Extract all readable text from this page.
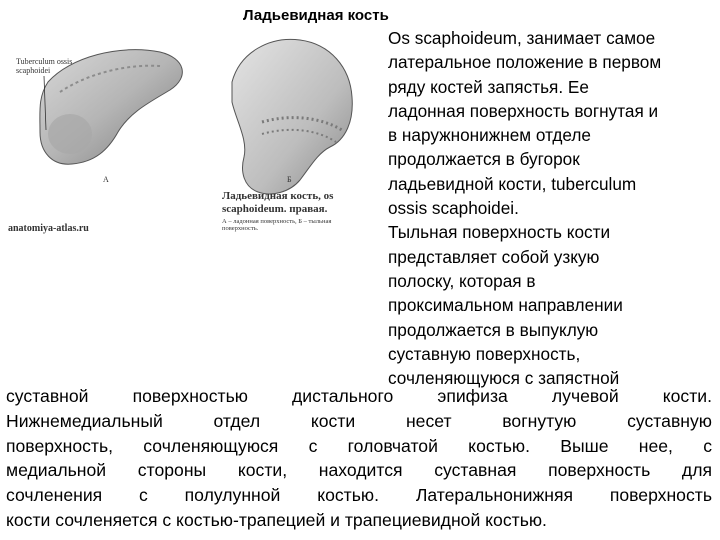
Ладьевидная кость
Tuberculum ossis
scaphoidei
А	Б
Ладьевидная кость, os
scaphoideum. правая.
А – ладонная поверхность, Б – тыльная
поверхность.
anatomiya-atlas.ru

Os scaphoideum, занимает самое

латеральное положение в первом

ряду костей запястья. Ее

ладонная поверхность вогнутая и

в наружнонижнем отделе

продолжается в бугорок

ладьевидной кости, tuberculum

ossis scaphoidei.

Тыльная поверхность кости

представляет собой узкую

полоску, которая в

проксимальном направлении

продолжается в выпуклую

суставную поверхность,

сочленяющуюся с запястной

суставной поверхностью дистального эпифиза лучевой кости.

Нижнемедиальный отдел кости несет вогнутую суставную

поверхность, сочленяющуюся с головчатой костью. Выше нее, с

медиальной стороны кости, находится суставная поверхность для

сочленения с полулунной костью. Латеральнонижняя поверхность

кости сочленяется с костью-трапецией и трапециевидной костью.
